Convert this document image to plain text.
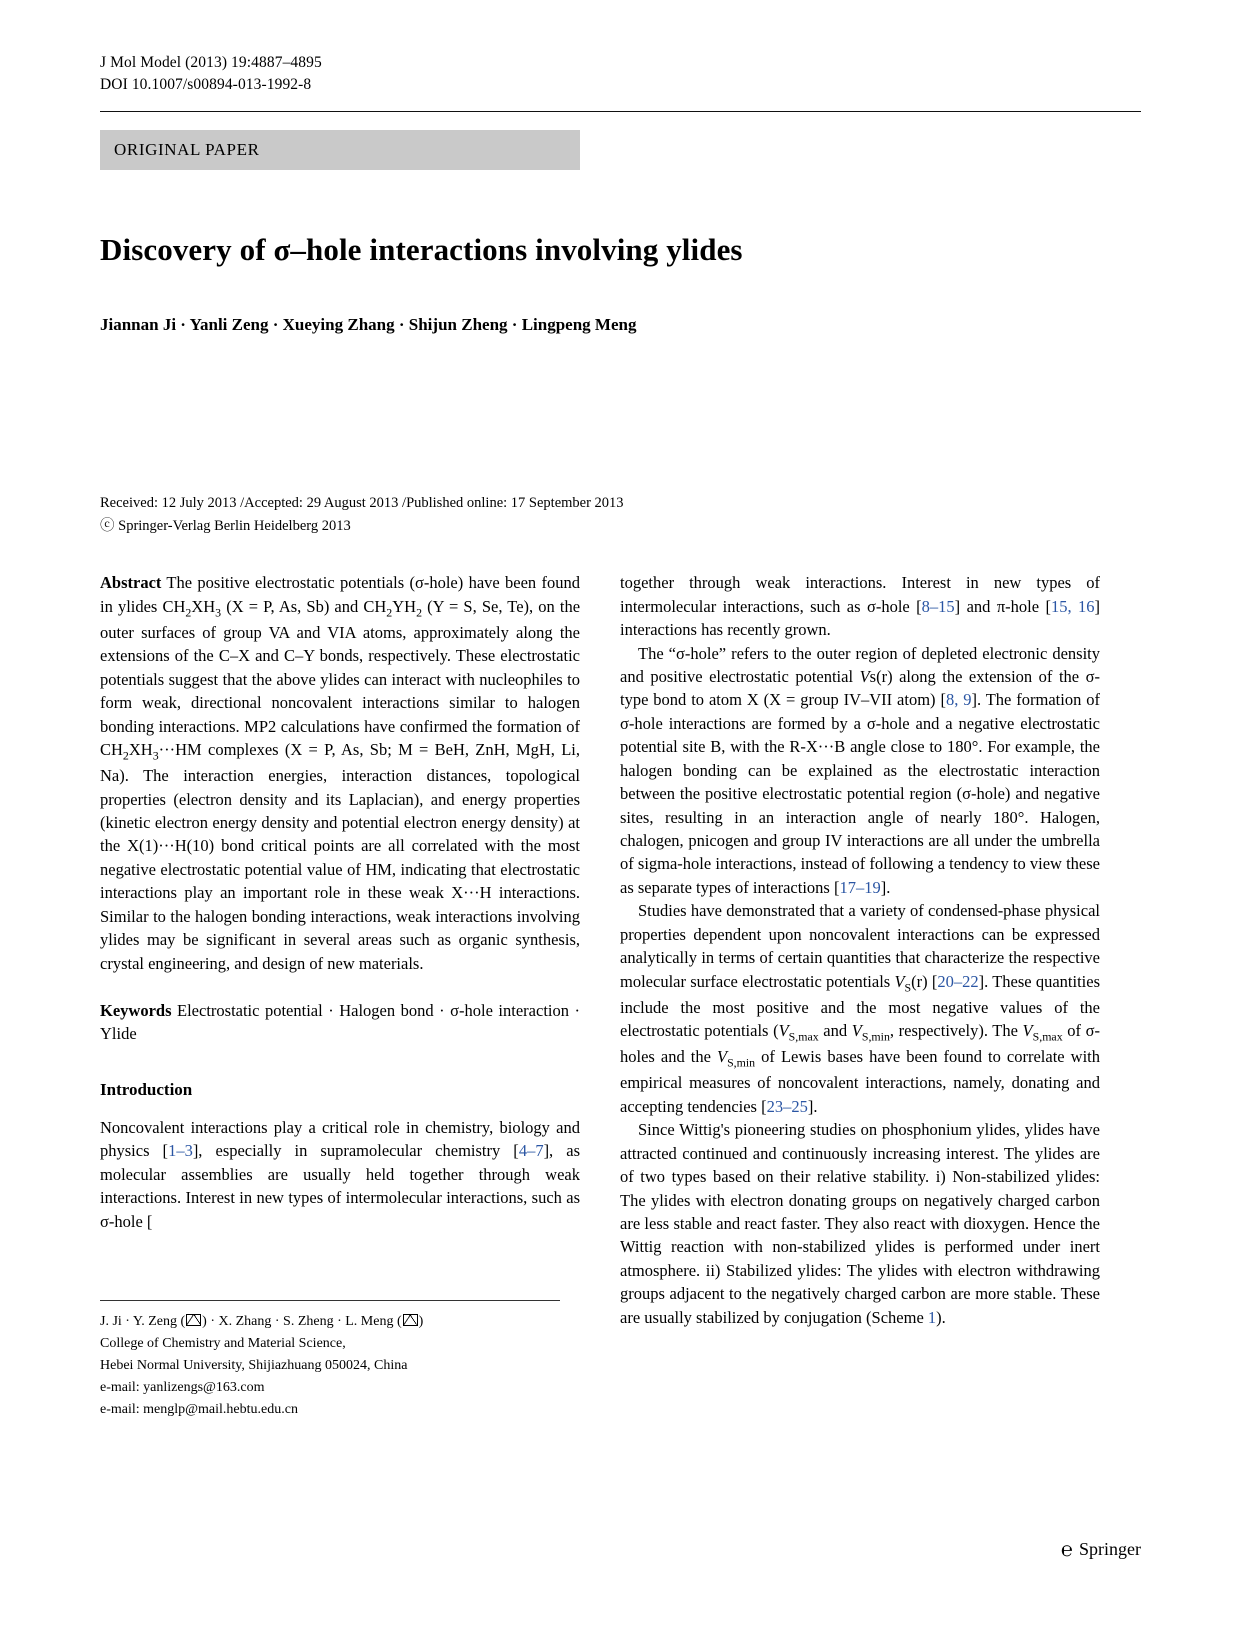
J Mol Model (2013) 19:4887–4895
DOI 10.1007/s00894-013-1992-8
ORIGINAL PAPER
Discovery of σ–hole interactions involving ylides
Jiannan Ji · Yanli Zeng · Xueying Zhang · Shijun Zheng · Lingpeng Meng
Received: 12 July 2013 /Accepted: 29 August 2013 /Published online: 17 September 2013
ⓒ Springer-Verlag Berlin Heidelberg 2013

Abstract The positive electrostatic potentials (σ-hole) have been found in ylides $CH_2XH_3$ (X = P, As, Sb) and $CH_2YH_2$ (Y = S, Se, Te), on the outer surfaces of group VA and VIA atoms, approximately along the extensions of the C–X and C–Y bonds, respectively. These electrostatic potentials suggest that the above ylides can interact with nucleophiles to form weak, directional noncovalent interactions similar to halogen bonding interactions. MP2 calculations have confirmed the formation of $CH_2XH_3\cdot\cdot\cdot HM$ complexes (X = P, As, Sb; M = BeH, ZnH, MgH, Li, Na). The interaction energies, interaction distances, topological properties (electron density and its Laplacian), and energy properties (kinetic electron energy density and potential electron energy density) at the X(1)···H(10) bond critical points are all correlated with the most negative electrostatic potential value of HM, indicating that electrostatic interactions play an important role in these weak X···H interactions. Similar to the halogen bonding interactions, weak interactions involving ylides may be significant in several areas such as organic synthesis, crystal engineering, and design of new materials.

Keywords Electrostatic potential · Halogen bond · σ-hole interaction · Ylide

Introduction

Noncovalent interactions play a critical role in chemistry, biology and physics [1–3], especially in supramolecular chemistry [4–7], as molecular assemblies are usually held together through weak interactions. Interest in new types of intermolecular interactions, such as σ-hole [

together through weak interactions. Interest in new types of intermolecular interactions, such as σ-hole [8–15] and π-hole [15, 16] interactions has recently grown.

The “σ-hole” refers to the outer region of depleted electronic density and positive electrostatic potential Vs(r) along the extension of the σ-type bond to atom X (X = group IV–VII atom) [8, 9]. The formation of σ-hole interactions are formed by a σ-hole and a negative electrostatic potential site B, with the R-X···B angle close to 180°. For example, the halogen bonding can be explained as the electrostatic interaction between the positive electrostatic potential region (σ-hole) and negative sites, resulting in an interaction angle of nearly 180°. Halogen, chalogen, pnicogen and group IV interactions are all under the umbrella of sigma-hole interactions, instead of following a tendency to view these as separate types of interactions [17–19].

Studies have demonstrated that a variety of condensed-phase physical properties dependent upon noncovalent interactions can be expressed analytically in terms of certain quantities that characterize the respective molecular surface electrostatic potentials $V_S(r)$ [20–22]. These quantities include the most positive and the most negative values of the electrostatic potentials ($V_{S,max}$ and $V_{S,min}$, respectively). The $V_{S,max}$ of σ-holes and the $V_{S,min}$ of Lewis bases have been found to correlate with empirical measures of noncovalent interactions, namely, donating and accepting tendencies [23–25].

Since Wittig's pioneering studies on phosphonium ylides, ylides have attracted continued and continuously increasing interest. The ylides are of two types based on their relative stability. i) Non-stabilized ylides: The ylides with electron donating groups on negatively charged carbon are less stable and react faster. They also react with dioxygen. Hence the Wittig reaction with non-stabilized ylides is performed under inert atmosphere. ii) Stabilized ylides: The ylides with electron withdrawing groups adjacent to the negatively charged carbon are more stable. These are usually stabilized by conjugation (Scheme 1).

J. Ji · Y. Zeng ( ) · X. Zhang · S. Zheng · L. Meng ( )
College of Chemistry and Material Science,
Hebei Normal University, Shijiazhuang 050024, China
e-mail: yanlizengs@163.com
e-mail: menglp@mail.hebtu.edu.cn
℮ Springer
